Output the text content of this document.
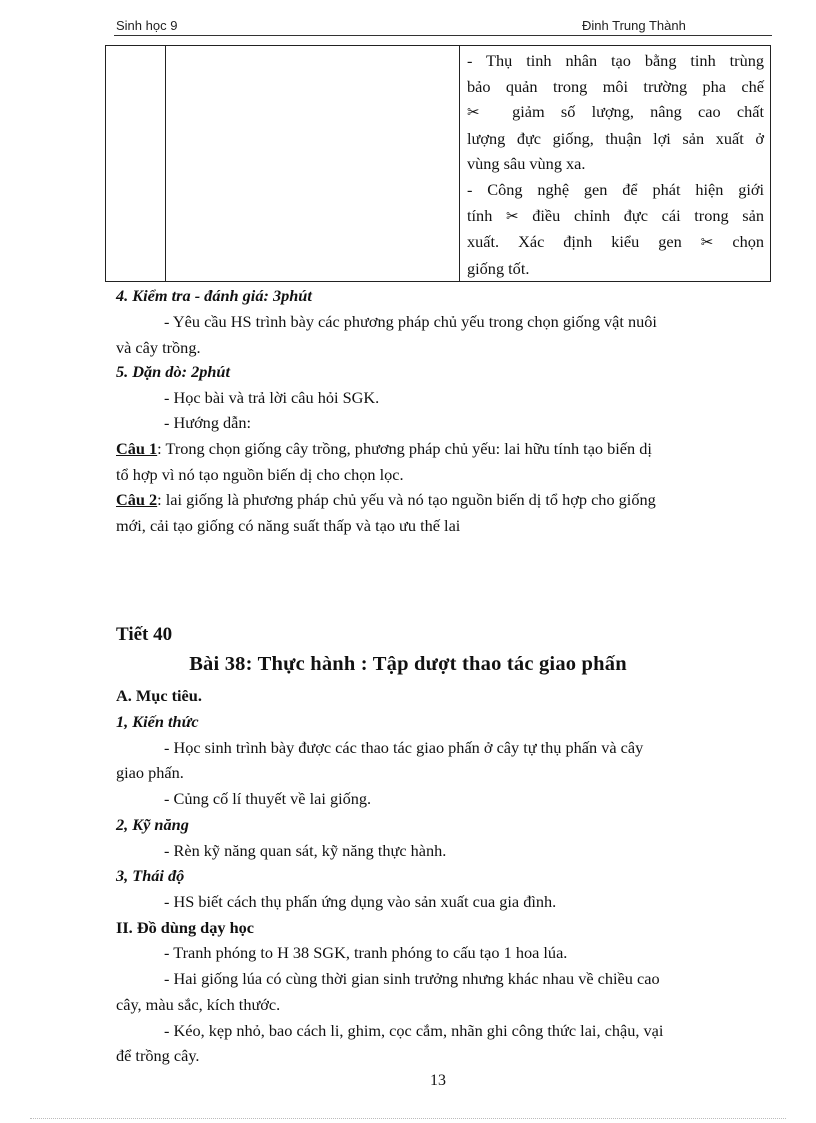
Sinh học 9	Đinh Trung Thành

- Thụ tinh nhân tạo bằng tinh trùng

bảo quản trong môi trường pha chế

✂ giảm số lượng, nâng cao chất

lượng đực giống, thuận lợi sản xuất ở

vùng sâu vùng xa.

- Công nghệ gen để phát hiện giới

tính ✂ điều chỉnh đực cái trong sản

xuất. Xác định kiểu gen ✂ chọn

giống tốt.

4. Kiểm tra - đánh giá: 3phút
- Yêu cầu HS trình bày các phương pháp chủ yếu trong chọn giống vật nuôi
và cây trồng.
5. Dặn dò: 2phút
- Học bài và trả lời câu hỏi SGK.
- Hướng dẫn:
Câu 1: Trong chọn giống cây trồng, phương pháp chủ yếu: lai hữu tính tạo biến dị
tổ hợp vì nó tạo nguồn biến dị cho chọn lọc.
Câu 2: lai giống là phương pháp chủ yếu và nó tạo nguồn biến dị tổ hợp cho giống
mới, cải tạo giống có năng suất thấp và tạo ưu thế lai
Tiết 40
Bài 38: Thực hành : Tập dượt thao tác giao phấn
A. Mục tiêu.
1, Kiến thức
- Học sinh trình bày được các thao tác giao phấn ở cây tự thụ phấn và cây
giao phấn.
- Củng cố lí thuyết về lai giống.
2, Kỹ năng
- Rèn kỹ năng quan sát, kỹ năng thực hành.
3, Thái độ
- HS biết cách thụ phấn ứng dụng vào sản xuất cua gia đình.
II. Đồ dùng dạy học
- Tranh phóng to H 38 SGK, tranh phóng to cấu tạo 1 hoa lúa.
- Hai giống lúa có cùng thời gian sinh trưởng nhưng khác nhau về chiều cao
cây, màu sắc, kích thước.
- Kéo, kẹp nhỏ, bao cách li, ghim, cọc cắm, nhãn ghi công thức lai, chậu, vại
để trồng cây.
13
